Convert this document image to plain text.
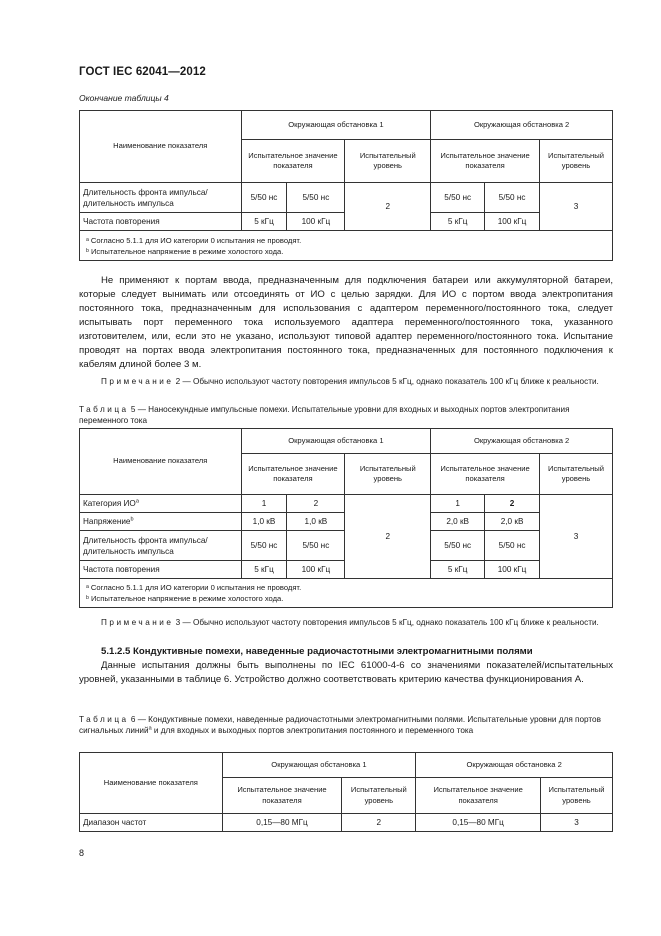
ГОСТ IEC 62041—2012
Окончание таблицы 4
Наименование показателя	Окружающая обстановка 1			Окружающая обстановка 2		
	Испытательное значение показателя		Испытательный уровень	Испытательное значение показателя		Испытательный уровень
Длительность фронта импульса/ длительность импульса	5/50 нс	5/50 нс	2	5/50 нс	5/50 нс	3
Частота повторения	5 кГц	100 кГц		5 кГц	100 кГц	

ᵃ Согласно 5.1.1 для ИО категории 0 испытания не проводят.
ᵇ Испытательное напряжение в режиме холостого хода.						

Не применяют к портам ввода, предназначенным для подключения батареи или аккумуляторной батареи, которые следует вынимать или отсоединять от ИО с целью зарядки. Для ИО с портом ввода электропитания постоянного тока, предназначенным для использования с адаптером переменного/постоянного тока, следует испытывать порт переменного тока используемого адаптера переменного/постоянного тока, указанного изготовителем, или, если это не указано, используют типовой адаптер переменного/постоянного тока. Испытание проводят на портах ввода электропитания постоянного тока, предназначенных для постоянного подключения к кабелям длиной более 3 м.

Примечание 2 — Обычно используют частоту повторения импульсов 5 кГц, однако показатель 100 кГц ближе к реальности.
Таблица 5 — Наносекундные импульсные помехи. Испытательные уровни для входных и выходных портов электропитания переменного тока
Наименование показателя	Окружающая обстановка 1			Окружающая обстановка 2		
	Испытательное значение показателя		Испытательный уровень	Испытательное значение показателя		Испытательный уровень
Категория $ИО^a$	1	2	2	1	2	3
Напряжение$^b$	1,0 кВ	1,0 кВ		2,0 кВ	2,0 кВ	
Длительность фронта импульса/ длительность импульса	5/50 нс	5/50 нс		5/50 нс	5/50 нс	
Частота повторения	5 кГц	100 кГц		5 кГц	100 кГц	

ᵃ Согласно 5.1.1 для ИО категории 0 испытания не проводят.
ᵇ Испытательное напряжение в режиме холостого хода.						
Примечание 3 — Обычно используют частоту повторения импульсов 5 кГц, однако показатель 100 кГц ближе к реальности.

5.1.2.5 Кондуктивные помехи, наведенные радиочастотными электромагнитными полями

Данные испытания должны быть выполнены по IEC 61000-4-6 со значениями показателей/испытательных уровней, указанными в таблице 6. Устройство должно соответствовать критерию качества функционирования А.

Таблица 6 — Кондуктивные помехи, наведенные радиочастотными электромагнитными полями. Испытательные уровни для портов сигнальных линий$^a$ и для входных и выходных портов электропитания постоянного и переменного тока
Наименование показателя	Окружающая обстановка 1		Окружающая обстановка 2	
	Испытательное значение показателя	Испытательный уровень	Испытательное значение показателя	Испытательный уровень
Диапазон частот	0,15—80 МГц	2	0,15—80 МГц	3
8
